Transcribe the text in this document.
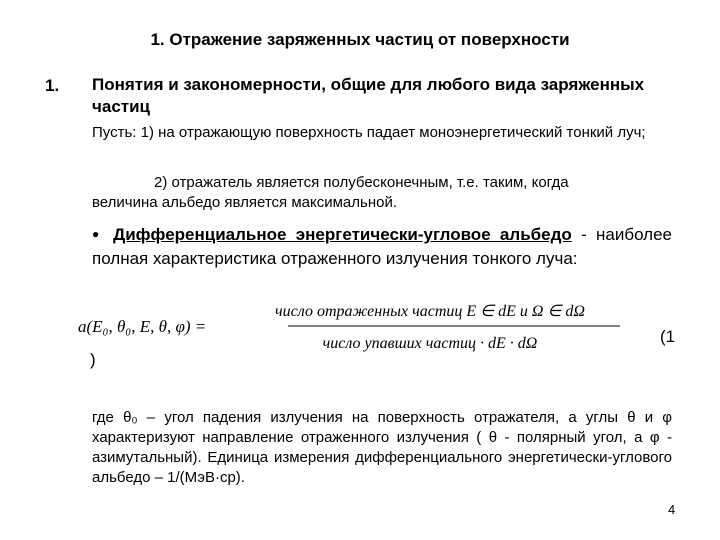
1. Отражение заряженных частиц от поверхности
1. Понятия и закономерности, общие для любого вида заряженных частиц
Пусть: 1) на отражающую поверхность падает моноэнергетический тонкий луч;
2) отражатель является полубесконечным, т.е. таким, когда
величина альбедо является максимальной.
● Дифференциальное энергетически-угловое альбедо - наиболее полная характеристика отраженного излучения тонкого луча:
a(E₀, θ₀, E, θ, φ) =
число отраженных частиц E ∈ dE и Ω ∈ dΩ
число упавших частиц · dE · dΩ	(1
)
где θ₀ – угол падения излучения на поверхность отражателя, а углы θ и φ характеризуют направление отраженного излучения ( θ - полярный угол, а φ - азимутальный). Единица измерения дифференциального энергетически-углового альбедо – 1/(МэВ·ср).
4
